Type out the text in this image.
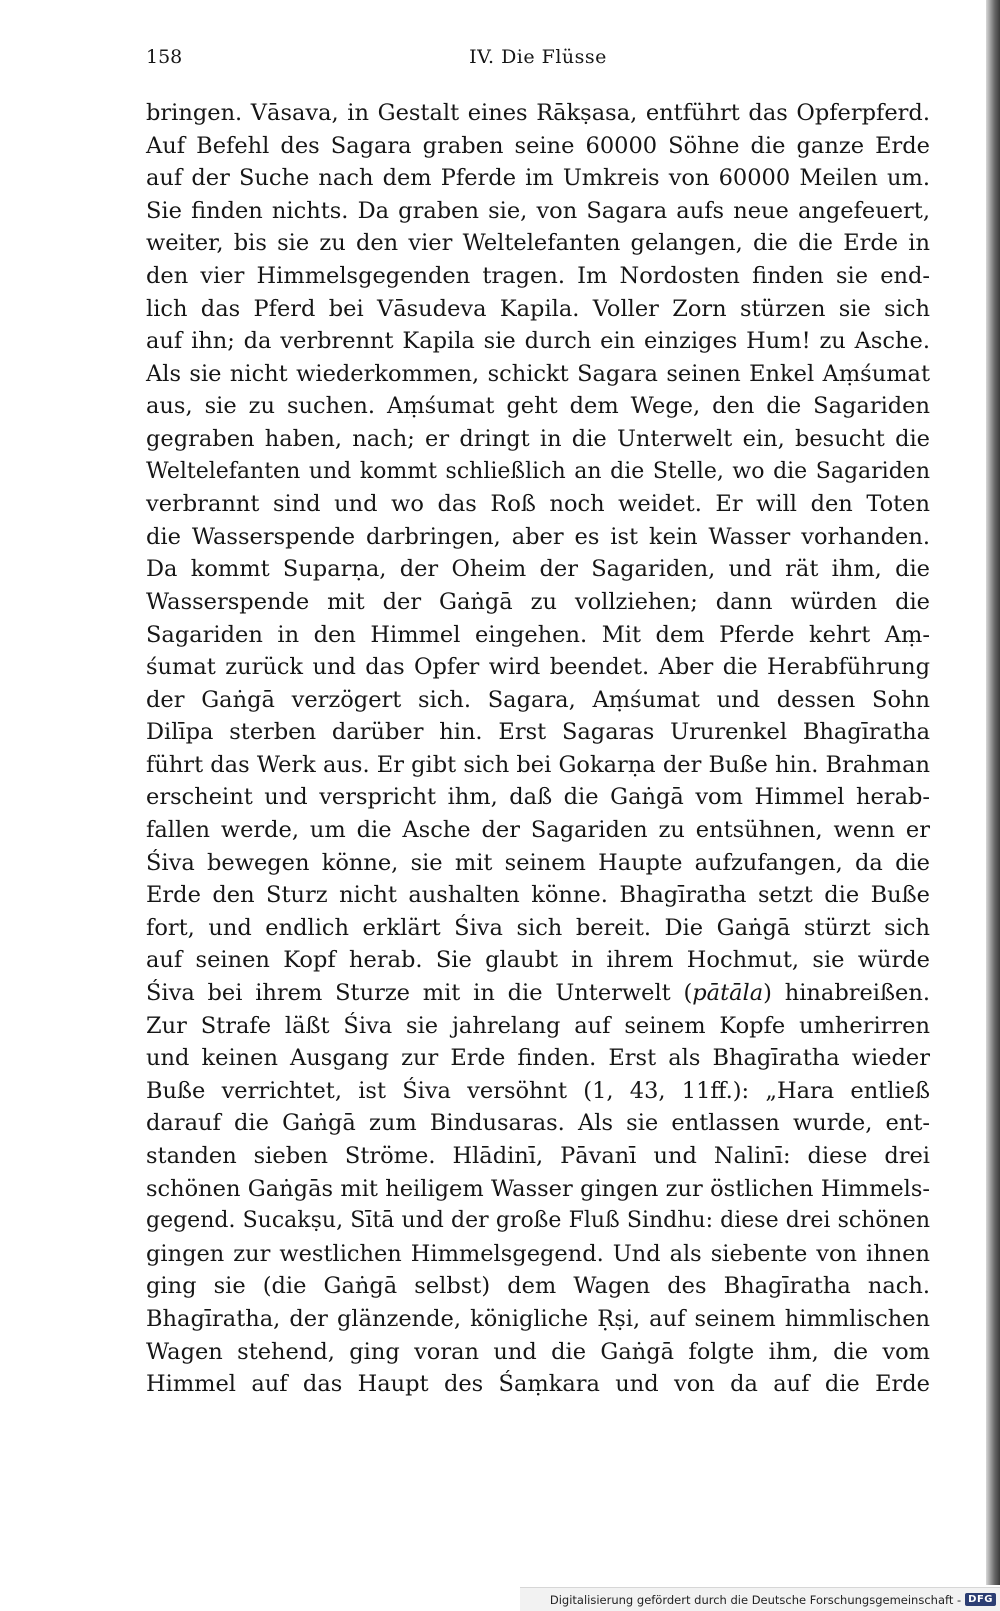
158	IV. Die Flüsse
bringen. Vāsava, in Gestalt eines Rākṣasa, entführt das Opferpferd.
Auf Befehl des Sagara graben seine 60000 Söhne die ganze Erde
auf der Suche nach dem Pferde im Umkreis von 60000 Meilen um.
Sie finden nichts. Da graben sie, von Sagara aufs neue angefeuert,
weiter, bis sie zu den vier Weltelefanten gelangen, die die Erde in
den vier Himmelsgegenden tragen. Im Nordosten finden sie end-
lich das Pferd bei Vāsudeva Kapila. Voller Zorn stürzen sie sich
auf ihn; da verbrennt Kapila sie durch ein einziges Hum! zu Asche.
Als sie nicht wiederkommen, schickt Sagara seinen Enkel Aṃśumat
aus, sie zu suchen. Aṃśumat geht dem Wege, den die Sagariden
gegraben haben, nach; er dringt in die Unterwelt ein, besucht die
Weltelefanten und kommt schließlich an die Stelle, wo die Sagariden
verbrannt sind und wo das Roß noch weidet. Er will den Toten
die Wasserspende darbringen, aber es ist kein Wasser vorhanden.
Da kommt Suparṇa, der Oheim der Sagariden, und rät ihm, die
Wasserspende mit der Gaṅgā zu vollziehen; dann würden die
Sagariden in den Himmel eingehen. Mit dem Pferde kehrt Aṃ-
śumat zurück und das Opfer wird beendet. Aber die Herabführung
der Gaṅgā verzögert sich. Sagara, Aṃśumat und dessen Sohn
Dilīpa sterben darüber hin. Erst Sagaras Ururenkel Bhagīratha
führt das Werk aus. Er gibt sich bei Gokarṇa der Buße hin. Brahman
erscheint und verspricht ihm, daß die Gaṅgā vom Himmel herab-
fallen werde, um die Asche der Sagariden zu entsühnen, wenn er
Śiva bewegen könne, sie mit seinem Haupte aufzufangen, da die
Erde den Sturz nicht aushalten könne. Bhagīratha setzt die Buße
fort, und endlich erklärt Śiva sich bereit. Die Gaṅgā stürzt sich
auf seinen Kopf herab. Sie glaubt in ihrem Hochmut, sie würde
Śiva bei ihrem Sturze mit in die Unterwelt (pātāla) hinabreißen.
Zur Strafe läßt Śiva sie jahrelang auf seinem Kopfe umherirren
und keinen Ausgang zur Erde finden. Erst als Bhagīratha wieder
Buße verrichtet, ist Śiva versöhnt (1, 43, 11ff.): „Hara entließ
darauf die Gaṅgā zum Bindusaras. Als sie entlassen wurde, ent-
standen sieben Ströme. Hlādinī, Pāvanī und Nalinī: diese drei
schönen Gaṅgās mit heiligem Wasser gingen zur östlichen Himmels-
gegend. Sucakṣu, Sītā und der große Fluß Sindhu: diese drei schönen
gingen zur westlichen Himmelsgegend. Und als siebente von ihnen
ging sie (die Gaṅgā selbst) dem Wagen des Bhagīratha nach.
Bhagīratha, der glänzende, königliche Ṛṣi, auf seinem himmlischen
Wagen stehend, ging voran und die Gaṅgā folgte ihm, die vom
Himmel auf das Haupt des Śaṃkara und von da auf die Erde
Digitalisierung gefördert durch die Deutsche Forschungsgemeinschaft - DFG
